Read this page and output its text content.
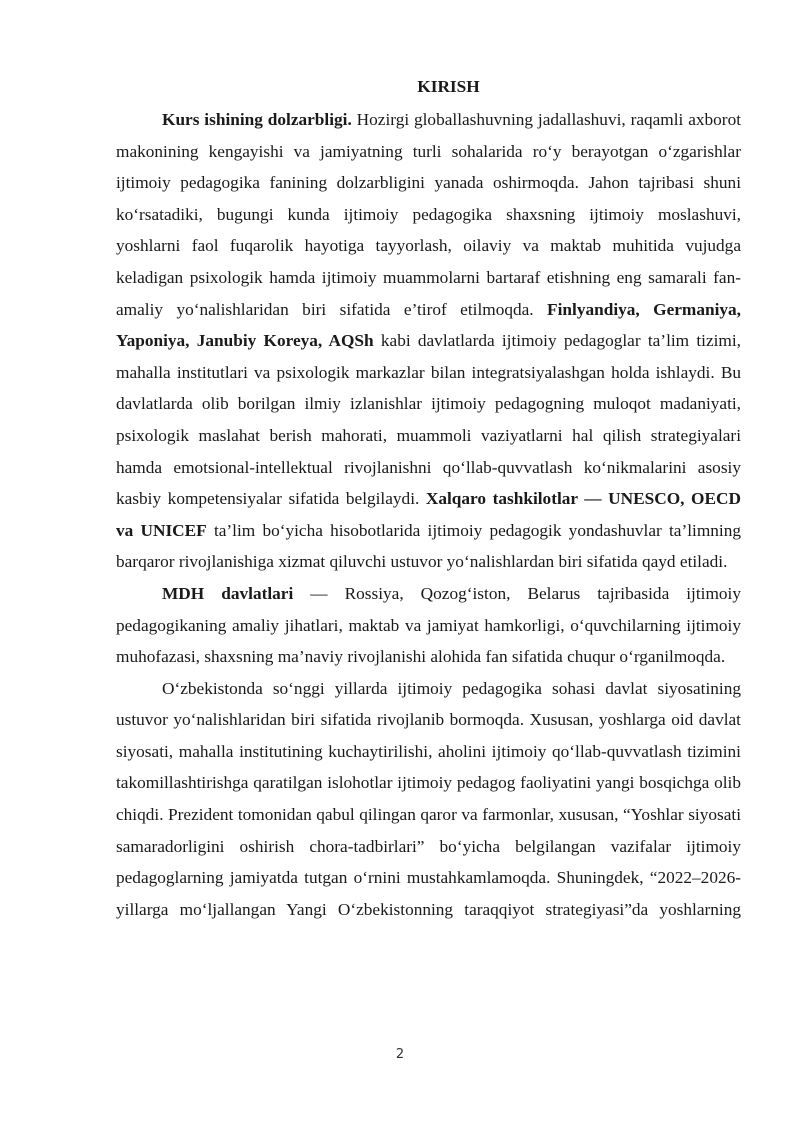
KIRISH

Kurs ishining dolzarbligi. Hozirgi globallashuvning jadallashuvi, raqamli axborot makonining kengayishi va jamiyatning turli sohalarida ro‘y berayotgan o‘zgarishlar ijtimoiy pedagogika fanining dolzarbligini yanada oshirmoqda. Jahon tajribasi shuni ko‘rsatadiki, bugungi kunda ijtimoiy pedagogika shaxsning ijtimoiy moslashuvi, yoshlarni faol fuqarolik hayotiga tayyorlash, oilaviy va maktab muhitida vujudga keladigan psixologik hamda ijtimoiy muammolarni bartaraf etishning eng samarali fan-amaliy yo‘nalishlaridan biri sifatida e’tirof etilmoqda. Finlyandiya, Germaniya, Yaponiya, Janubiy Koreya, AQSh kabi davlatlarda ijtimoiy pedagoglar ta’lim tizimi, mahalla institutlari va psixologik markazlar bilan integratsiyalashgan holda ishlaydi. Bu davlatlarda olib borilgan ilmiy izlanishlar ijtimoiy pedagogning muloqot madaniyati, psixologik maslahat berish mahorati, muammoli vaziyatlarni hal qilish strategiyalari hamda emotsional-intellektual rivojlanishni qo‘llab-quvvatlash ko‘nikmalarini asosiy kasbiy kompetensiyalar sifatida belgilaydi. Xalqaro tashkilotlar — UNESCO, OECD va UNICEF ta’lim bo‘yicha hisobotlarida ijtimoiy pedagogik yondashuvlar ta’limning barqaror rivojlanishiga xizmat qiluvchi ustuvor yo‘nalishlardan biri sifatida qayd etiladi.

MDH davlatlari — Rossiya, Qozog‘iston, Belarus tajribasida ijtimoiy pedagogikaning amaliy jihatlari, maktab va jamiyat hamkorligi, o‘quvchilarning ijtimoiy muhofazasi, shaxsning ma’naviy rivojlanishi alohida fan sifatida chuqur o‘rganilmoqda.

O‘zbekistonda so‘nggi yillarda ijtimoiy pedagogika sohasi davlat siyosatining ustuvor yo‘nalishlaridan biri sifatida rivojlanib bormoqda. Xususan, yoshlarga oid davlat siyosati, mahalla institutining kuchaytirilishi, aholini ijtimoiy qo‘llab-quvvatlash tizimini takomillashtirishga qaratilgan islohotlar ijtimoiy pedagog faoliyatini yangi bosqichga olib chiqdi. Prezident tomonidan qabul qilingan qaror va farmonlar, xususan, “Yoshlar siyosati samaradorligini oshirish chora-tadbirlari” bo‘yicha belgilangan vazifalar ijtimoiy pedagoglarning jamiyatda tutgan o‘rnini mustahkamlamoqda. Shuningdek, “2022–2026-yillarga mo‘ljallangan Yangi O‘zbekistonning taraqqiyot strategiyasi”da yoshlarning

2
